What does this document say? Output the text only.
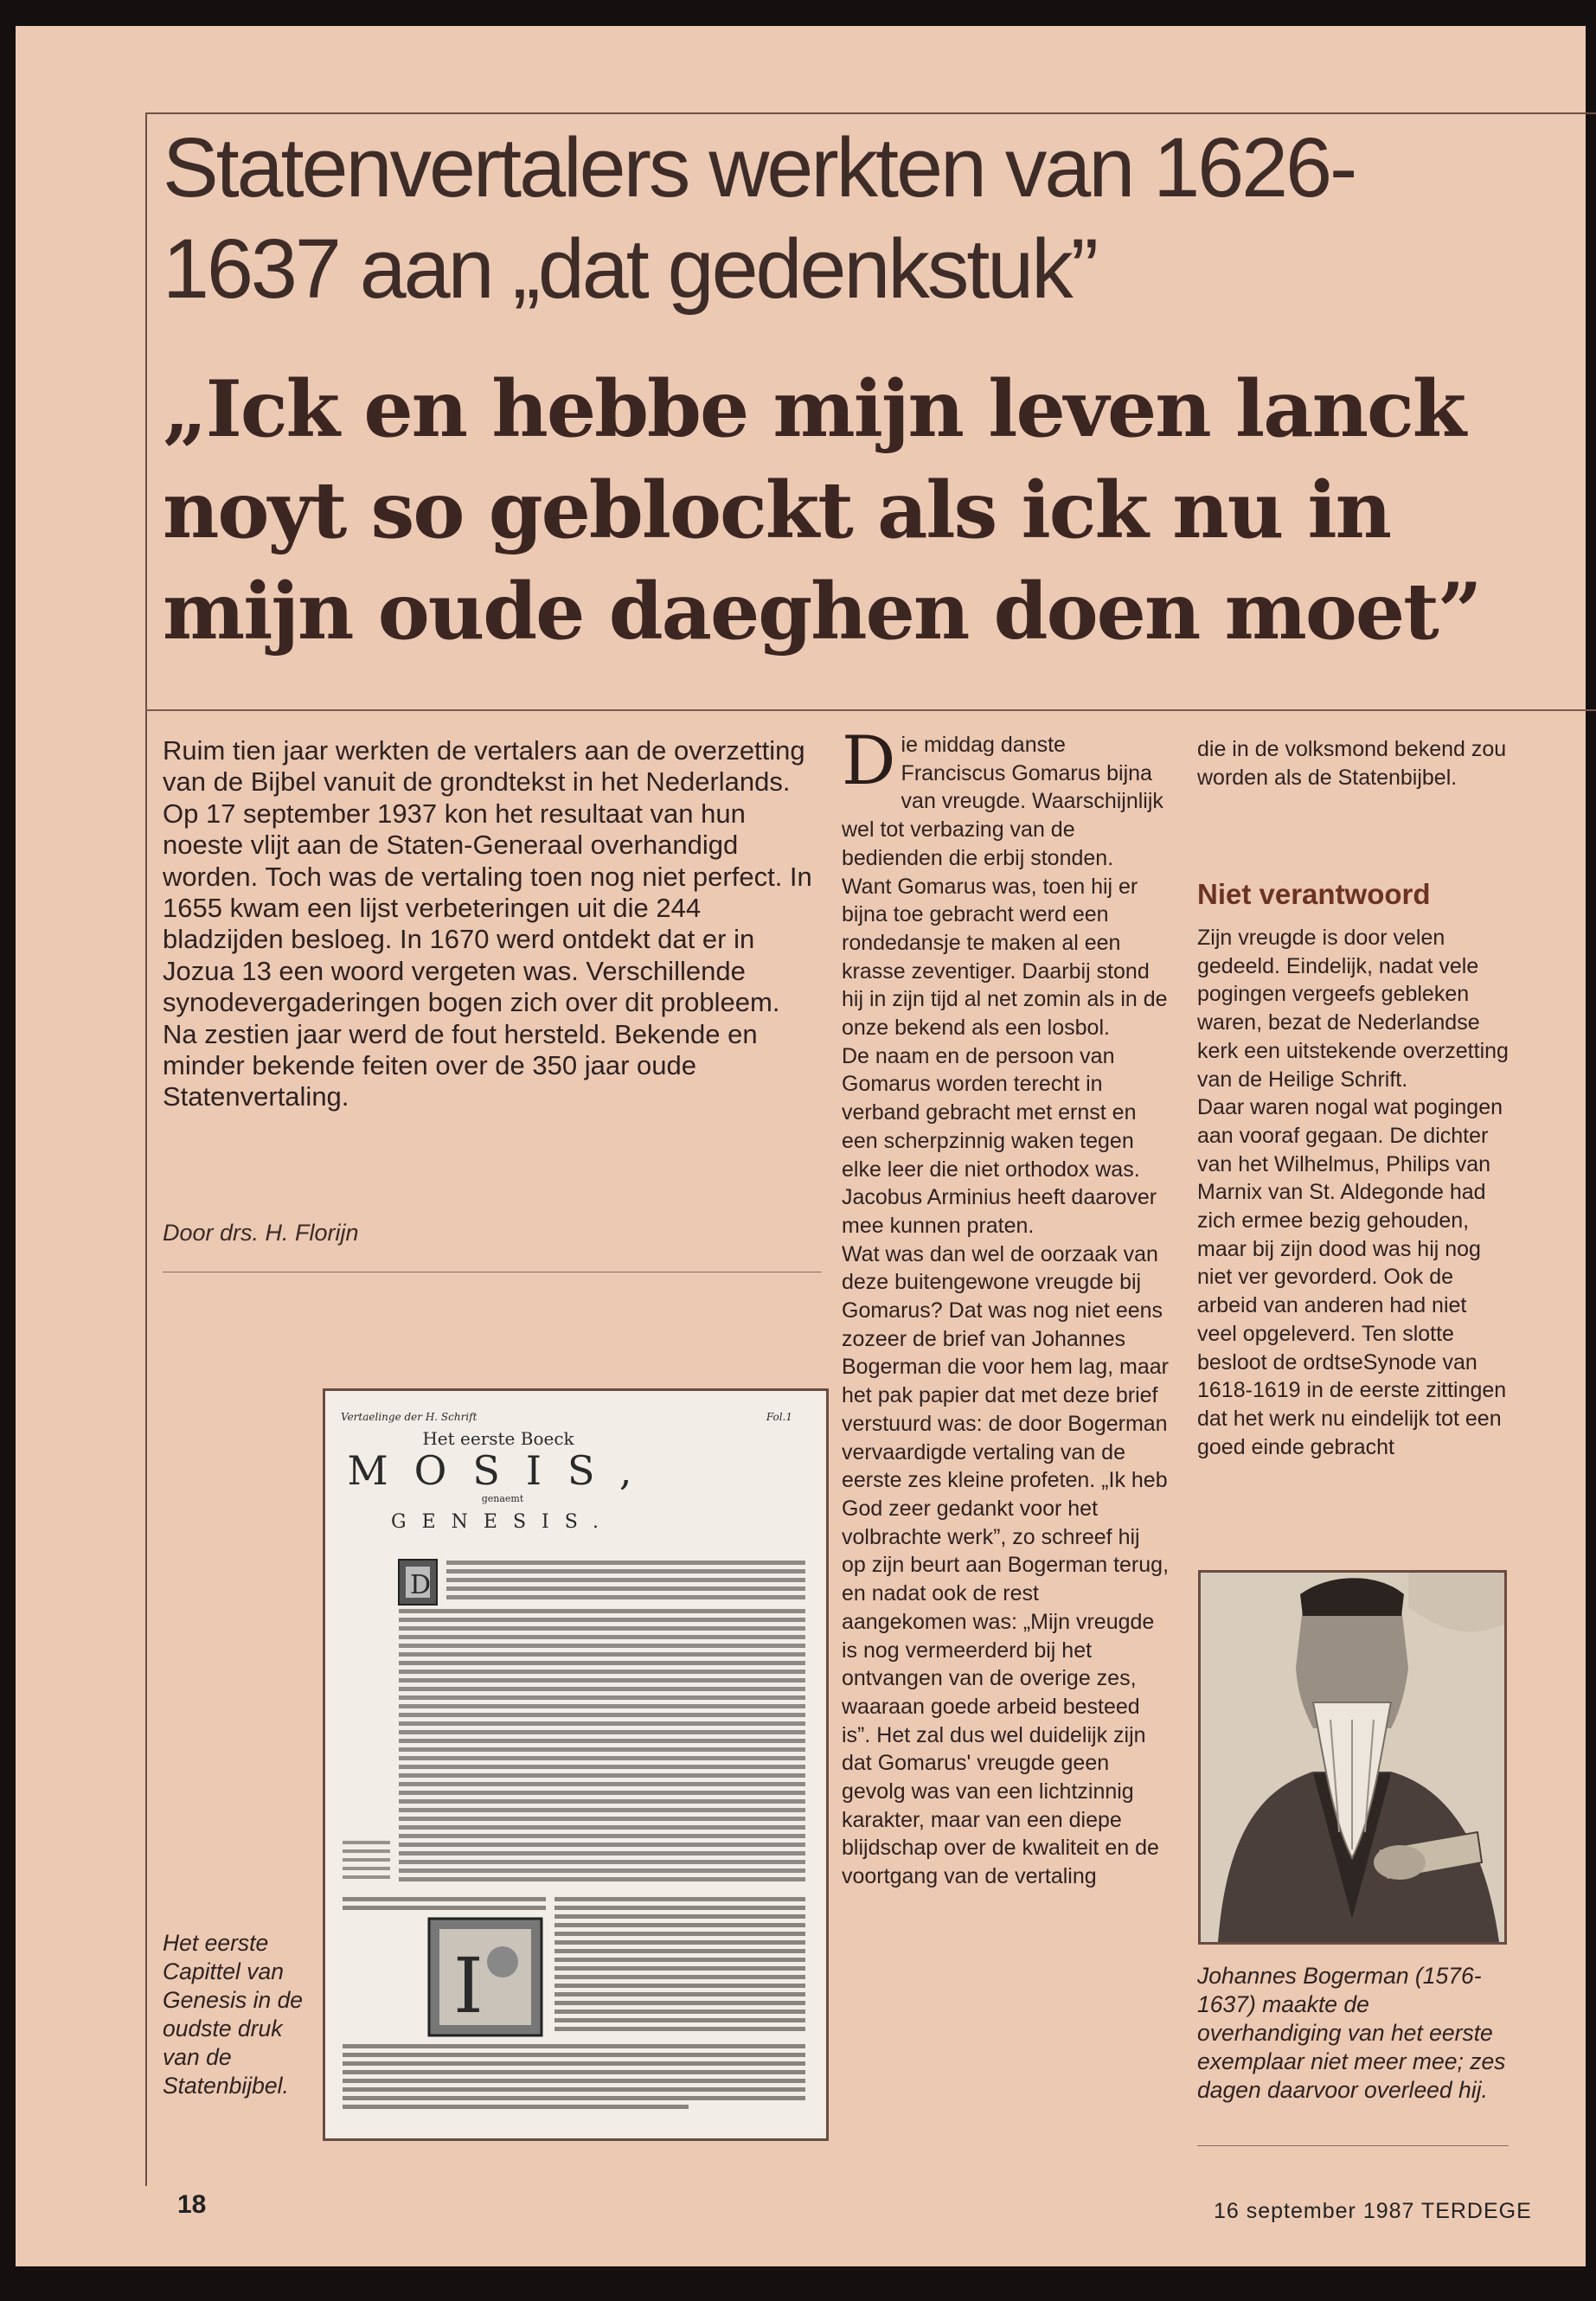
Statenvertalers werkten van 1626-1637 aan „dat gedenkstuk”
„Ick en hebbe mijn leven lanck noyt so geblockt als ick nu in mijn oude daeghen doen moet”

Ruim tien jaar werkten de vertalers aan de overzetting van de Bijbel vanuit de grondtekst in het Nederlands. Op 17 september 1937 kon het resultaat van hun noeste vlijt aan de Staten-Generaal overhandigd worden. Toch was de vertaling toen nog niet perfect. In 1655 kwam een lijst verbeteringen uit die 244 bladzijden besloeg. In 1670 werd ontdekt dat er in Jozua 13 een woord vergeten was. Verschillende synodevergaderingen bogen zich over dit probleem. Na zestien jaar werd de fout hersteld. Bekende en minder bekende feiten over de 350 jaar oude Statenvertaling.

Door drs. H. Florijn

Vertaelinge der H. Schrift	Fol.1
Het eerste Boeck
MOSIS,
genaemt
GENESIS.
D
I

Het eerste Capittel van Genesis in de oudste druk van de Statenbijbel.

Die middag danste Franciscus Gomarus bijna van vreugde. Waarschijnlijk wel tot verbazing van de bedienden die erbij stonden. Want Gomarus was, toen hij er bijna toe gebracht werd een rondedansje te maken al een krasse zeventiger. Daarbij stond hij in zijn tijd al net zomin als in de onze bekend als een losbol.

De naam en de persoon van Gomarus worden terecht in verband gebracht met ernst en een scherpzinnig waken tegen elke leer die niet orthodox was. Jacobus Arminius heeft daarover mee kunnen praten.

Wat was dan wel de oorzaak van deze buitengewone vreugde bij Gomarus? Dat was nog niet eens zozeer de brief van Johannes Bogerman die voor hem lag, maar het pak papier dat met deze brief verstuurd was: de door Bogerman vervaardigde vertaling van de eerste zes kleine profeten. „Ik heb God zeer gedankt voor het volbrachte werk”, zo schreef hij op zijn beurt aan Bogerman terug, en nadat ook de rest aangekomen was: „Mijn vreugde is nog vermeerderd bij het ontvangen van de overige zes, waaraan goede arbeid besteed is”. Het zal dus wel duidelijk zijn dat Gomarus' vreugde geen gevolg was van een lichtzinnig karakter, maar van een diepe blijdschap over de kwaliteit en de voortgang van de vertaling

die in de volksmond bekend zou worden als de Statenbijbel.

Niet verantwoord

Zijn vreugde is door velen gedeeld. Eindelijk, nadat vele pogingen vergeefs gebleken waren, bezat de Nederlandse kerk een uitstekende overzetting van de Heilige Schrift.

Daar waren nogal wat pogingen aan vooraf gegaan. De dichter van het Wilhelmus, Philips van Marnix van St. Aldegonde had zich ermee bezig gehouden, maar bij zijn dood was hij nog niet ver gevorderd. Ook de arbeid van anderen had niet veel opgeleverd. Ten slotte besloot de ordtseSynode van 1618-1619 in de eerste zittingen dat het werk nu eindelijk tot een goed einde gebracht

Johannes Bogerman (1576-1637) maakte de overhandiging van het eerste exemplaar niet meer mee; zes dagen daarvoor overleed hij.

18	16 september 1987 TERDEGE
